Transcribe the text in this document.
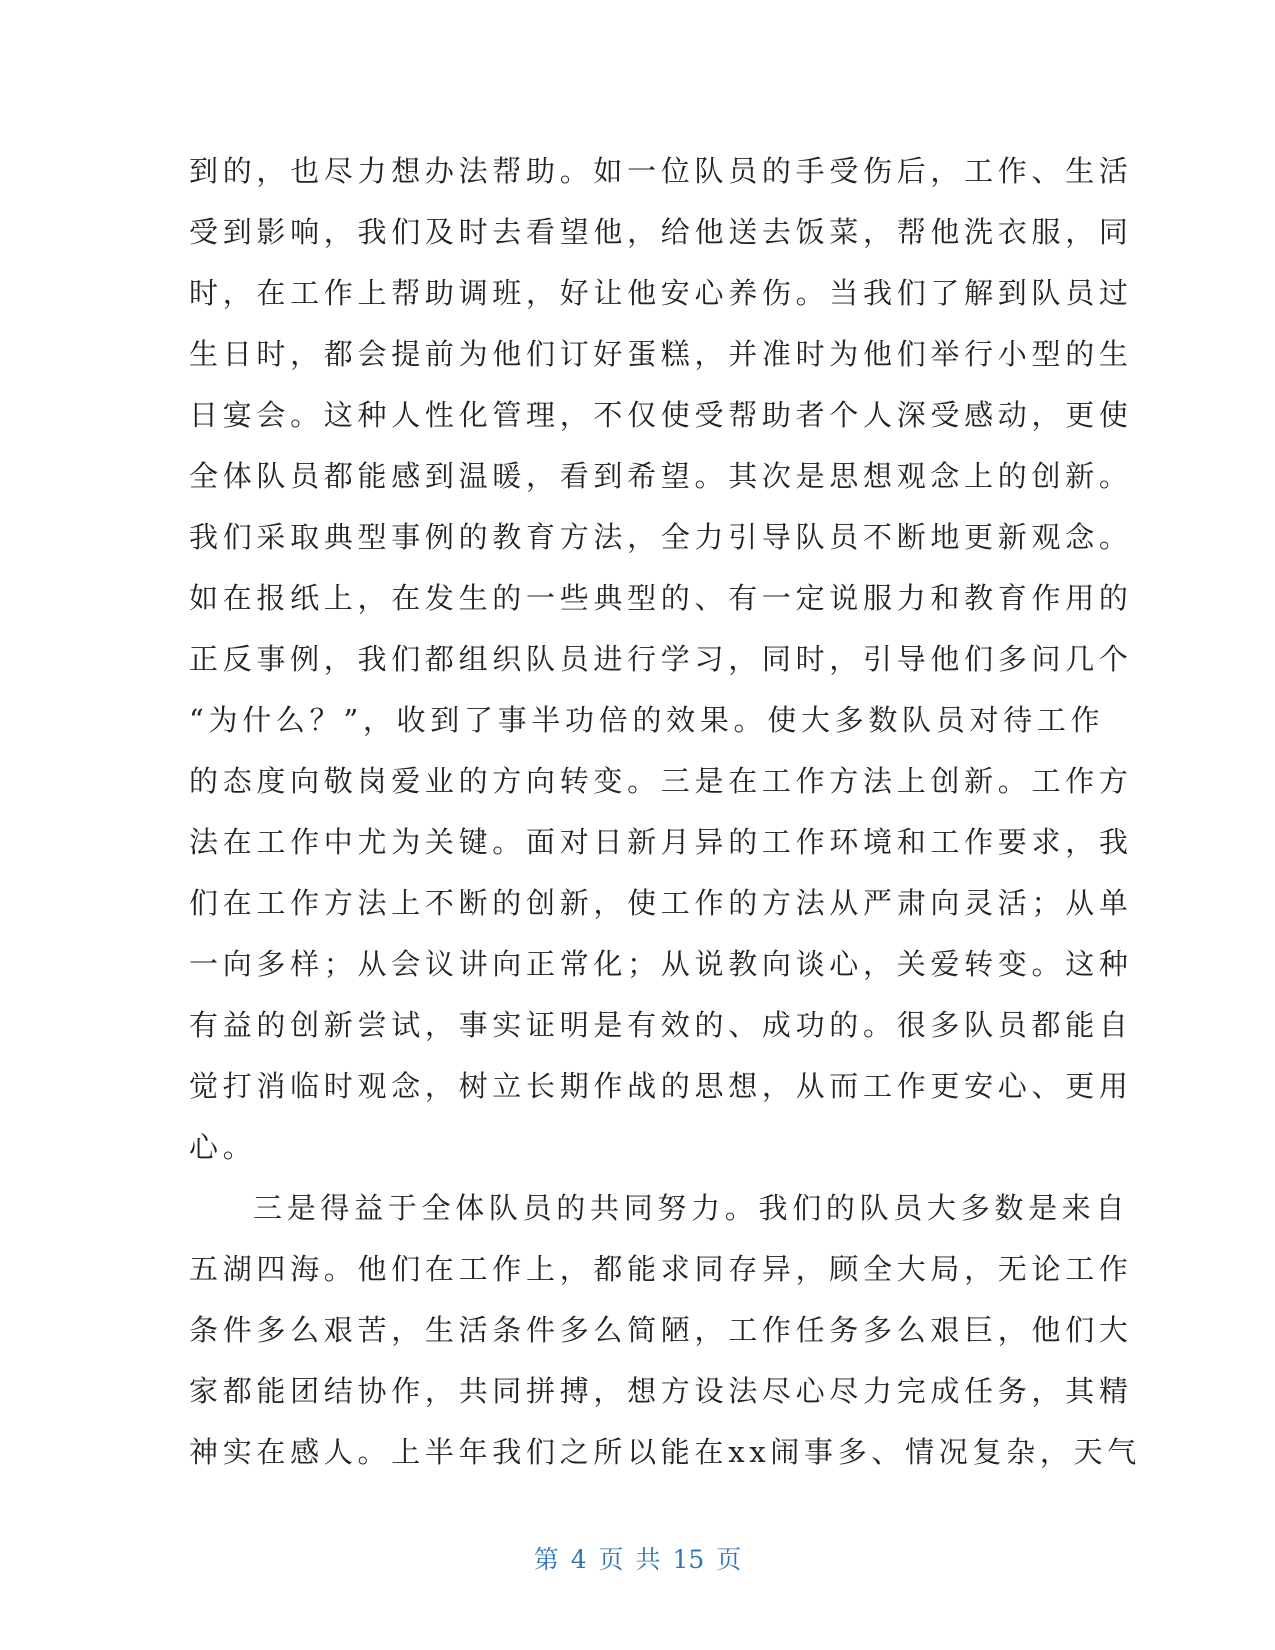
到的，也尽力想办法帮助。如一位队员的手受伤后，工作、生活
受到影响，我们及时去看望他，给他送去饭菜，帮他洗衣服，同
时，在工作上帮助调班，好让他安心养伤。当我们了解到队员过
生日时，都会提前为他们订好蛋糕，并准时为他们举行小型的生
日宴会。这种人性化管理，不仅使受帮助者个人深受感动，更使
全体队员都能感到温暖，看到希望。其次是思想观念上的创新。
我们采取典型事例的教育方法，全力引导队员不断地更新观念。
如在报纸上，在发生的一些典型的、有一定说服力和教育作用的
正反事例，我们都组织队员进行学习，同时，引导他们多问几个
“为什么？”，收到了事半功倍的效果。使大多数队员对待工作
的态度向敬岗爱业的方向转变。三是在工作方法上创新。工作方
法在工作中尤为关键。面对日新月异的工作环境和工作要求，我
们在工作方法上不断的创新，使工作的方法从严肃向灵活；从单
一向多样；从会议讲向正常化；从说教向谈心，关爱转变。这种
有益的创新尝试，事实证明是有效的、成功的。很多队员都能自
觉打消临时观念，树立长期作战的思想，从而工作更安心、更用
心。
三是得益于全体队员的共同努力。我们的队员大多数是来自
五湖四海。他们在工作上，都能求同存异，顾全大局，无论工作
条件多么艰苦，生活条件多么简陋，工作任务多么艰巨，他们大
家都能团结协作，共同拼搏，想方设法尽心尽力完成任务，其精
神实在感人。上半年我们之所以能在xx闹事多、情况复杂，天气
第 4 页 共 15 页
